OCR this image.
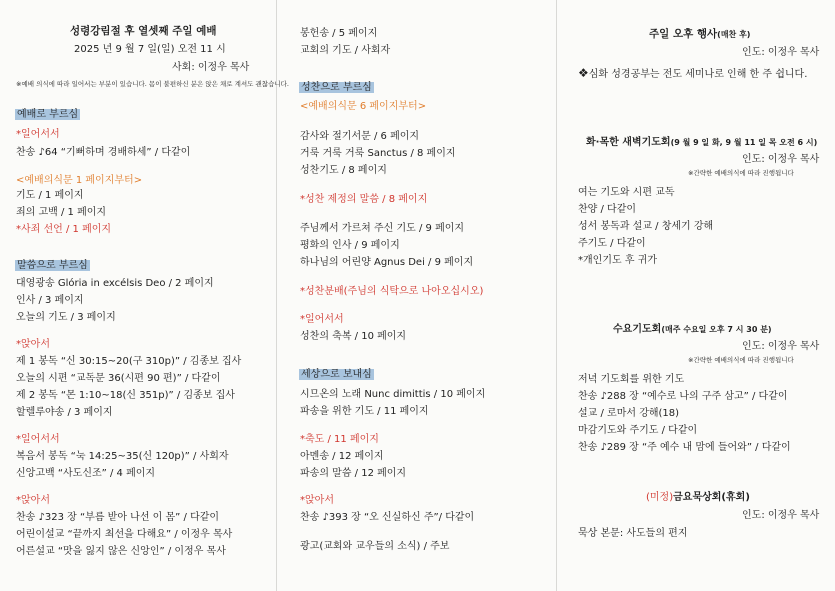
성령강림절 후 열셋째 주일 예배
2025 년 9 월 7 일(일) 오전 11 시
사회: 이정우 목사
※예배 의식에 따라 일어서는 부분이 있습니다. 몸이 불편하신 분은 앉은 채로 계셔도 괜찮습니다.
예배로 부르심
*일어서서
찬송 ♪64 “기뻐하며 경배하세” / 다같이
<예배의식문 1 페이지부터>
기도 / 1 페이지
죄의 고백 / 1 페이지
*사죄 선언 / 1 페이지
말씀으로 부르심
대영광송 Glória in excélsis Deo / 2 페이지
인사 / 3 페이지
오늘의 기도 / 3 페이지
*앉아서
제 1 봉독 “신 30:15~20(구 310p)” / 김종보 집사
오늘의 시편 “교독문 36(시편 90 편)” / 다같이
제 2 봉독 “몬 1:10~18(신 351p)” / 김종보 집사
할렐루야송 / 3 페이지
*일어서서
복음서 봉독 “눅 14:25~35(신 120p)” / 사회자
신앙고백 “사도신조” / 4 페이지
*앉아서
찬송 ♪323 장 “부름 받아 나선 이 몸” / 다같이
어린이설교 “끝까지 최선을 다해요” / 이정우 목사
어른설교 “맛을 잃지 않은 신앙인” / 이정우 목사
봉헌송 / 5 페이지
교회의 기도 / 사회자
성찬으로 부르심
<예배의식문 6 페이지부터>
감사와 절기서문 / 6 페이지
거룩 거룩 거룩 Sanctus / 8 페이지
성찬기도 / 8 페이지
*성찬 제정의 말씀 / 8 페이지
주님께서 가르쳐 주신 기도 / 9 페이지
평화의 인사 / 9 페이지
하나님의 어린양 Agnus Dei / 9 페이지
*성찬분배(주님의 식탁으로 나아오십시오)
*일어서서
성찬의 축복 / 10 페이지
세상으로 보내심
시므온의 노래 Nunc dimittis / 10 페이지
파송을 위한 기도 / 11 페이지
*축도 / 11 페이지
아멘송 / 12 페이지
파송의 말씀 / 12 페이지
*앉아서
찬송 ♪393 장 “오 신실하신 주”/ 다같이
광고(교회와 교우들의 소식) / 주보
주일 오후 행사(매찬 후)
인도: 이정우 목사
❖심화 성경공부는 전도 세미나로 인해 한 주 쉽니다.
화·목한 새벽기도회(9 월 9 일 화, 9 월 11 일 목 오전 6 시)
인도: 이정우 목사
※간략한 예배의식에 따라 진행됩니다
여는 기도와 시편 교독
찬양 / 다같이
성서 봉독과 설교 / 창세기 강해
주기도 / 다같이
*개인기도 후 귀가
수요기도회(매주 수요일 오후 7 시 30 분)
인도: 이정우 목사
※간략한 예배의식에 따라 진행됩니다
저녁 기도회를 위한 기도
찬송 ♪288 장 “예수로 나의 구주 삼고” / 다같이
설교 / 로마서 강해(18)
마감기도와 주기도 / 다같이
찬송 ♪289 장 “주 예수 내 맘에 들어와” / 다같이
(미정)금요묵상회(휴회)
인도: 이정우 목사
묵상 본문: 사도들의 편지
